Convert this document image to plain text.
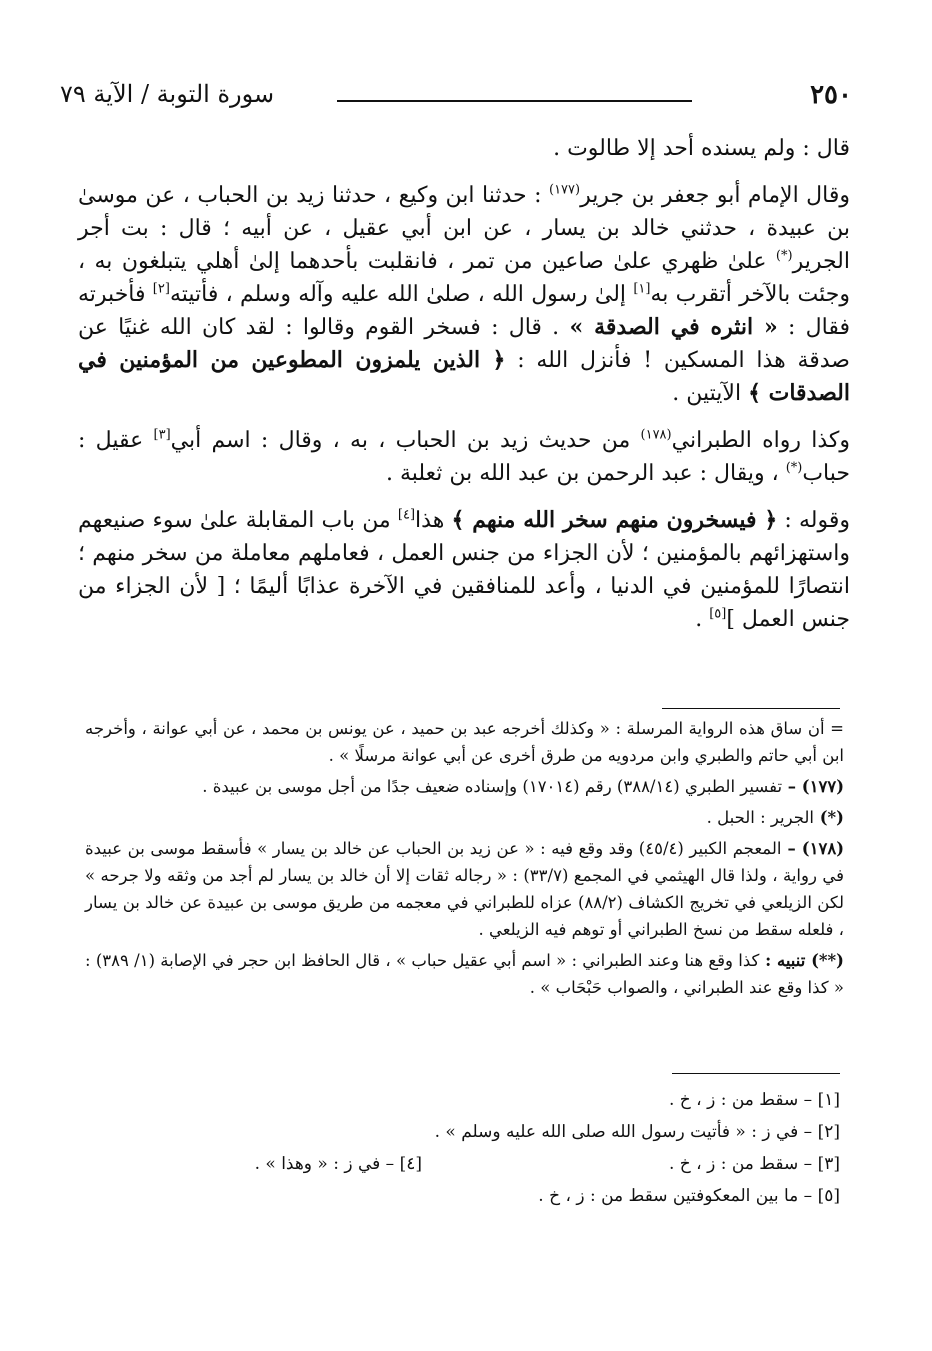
٢٥٠
سورة التوبة / الآية ٧٩

قال : ولم يسنده أحد إلا طالوت .

وقال الإمام أبو جعفر بن جرير$^{(١٧٧)}$ : حدثنا ابن وكيع ، حدثنا زيد بن الحباب ، عن موسىٰ بن عبيدة ، حدثني خالد بن يسار ، عن ابن أبي عقيل ، عن أبيه ؛ قال : بت أجر الجرير(*) علىٰ ظهري علىٰ صاعين من تمر ، فانقلبت بأحدهما إلىٰ أهلي يتبلغون به ، وجئت بالآخر أتقرب به[١] إلىٰ رسول الله ، صلىٰ الله عليه وآله وسلم ، فأتيته[٢] فأخبرته فقال : « انثره في الصدقة » . قال : فسخر القوم وقالوا : لقد كان الله غنيًا عن صدقة هذا المسكين ! فأنزل الله : ﴿ الذين يلمزون المطوعين من المؤمنين في الصدقات ﴾ الآيتين .

وكذا رواه الطبراني$^{(١٧٨)}$ من حديث زيد بن الحباب ، به ، وقال : اسم أبي[٣] عقيل : حباب(*) ، ويقال : عبد الرحمن بن عبد الله بن ثعلبة .

وقوله : ﴿ فيسخرون منهم سخر الله منهم ﴾ هذا[٤] من باب المقابلة علىٰ سوء صنيعهم واستهزائهم بالمؤمنين ؛ لأن الجزاء من جنس العمل ، فعاملهم معاملة من سخر منهم ؛ انتصارًا للمؤمنين في الدنيا ، وأعد للمنافقين في الآخرة عذابًا أليمًا ؛ [ لأن الجزاء من جنس العمل ][٥] .

= أن ساق هذه الرواية المرسلة : « وكذلك أخرجه عبد بن حميد ، عن يونس بن محمد ، عن أبي عوانة ، وأخرجه ابن أبي حاتم والطبري وابن مردويه من طرق أخرى عن أبي عوانة مرسلًا » .

(١٧٧) – تفسير الطبري (٣٨٨/١٤) رقم (١٧٠١٤) وإسناده ضعيف جدًا من أجل موسى بن عبيدة .

(*) الجرير : الحبل .

(١٧٨) – المعجم الكبير (٤٥/٤) وقد وقع فيه : « عن زيد بن الحباب عن خالد بن يسار » فأسقط موسى بن عبيدة في رواية ، ولذا قال الهيثمي في المجمع (٣٣/٧) : « رجاله ثقات إلا أن خالد بن يسار لم أجد من وثقه ولا جرحه » لكن الزيلعي في تخريج الكشاف (٨٨/٢) عزاه للطبراني في معجمه من طريق موسى بن عبيدة عن خالد بن يسار ، فلعله سقط من نسخ الطبراني أو توهم فيه الزيلعي .

(**) تنبيه : كذا وقع هنا وعند الطبراني : « اسم أبي عقيل حباب » ، قال الحافظ ابن حجر في الإصابة (١/ ٣٨٩) : « كذا وقع عند الطبراني ، والصواب حَبْحَاب » .

[١] – سقط من : ز ، خ .
[٢] – في ز : « فأتيت رسول الله صلى الله عليه وسلم » .
[٣] – سقط من : ز ، خ .
[٤] – في ز : « وهذا » .
[٥] – ما بين المعكوفتين سقط من : ز ، خ .
